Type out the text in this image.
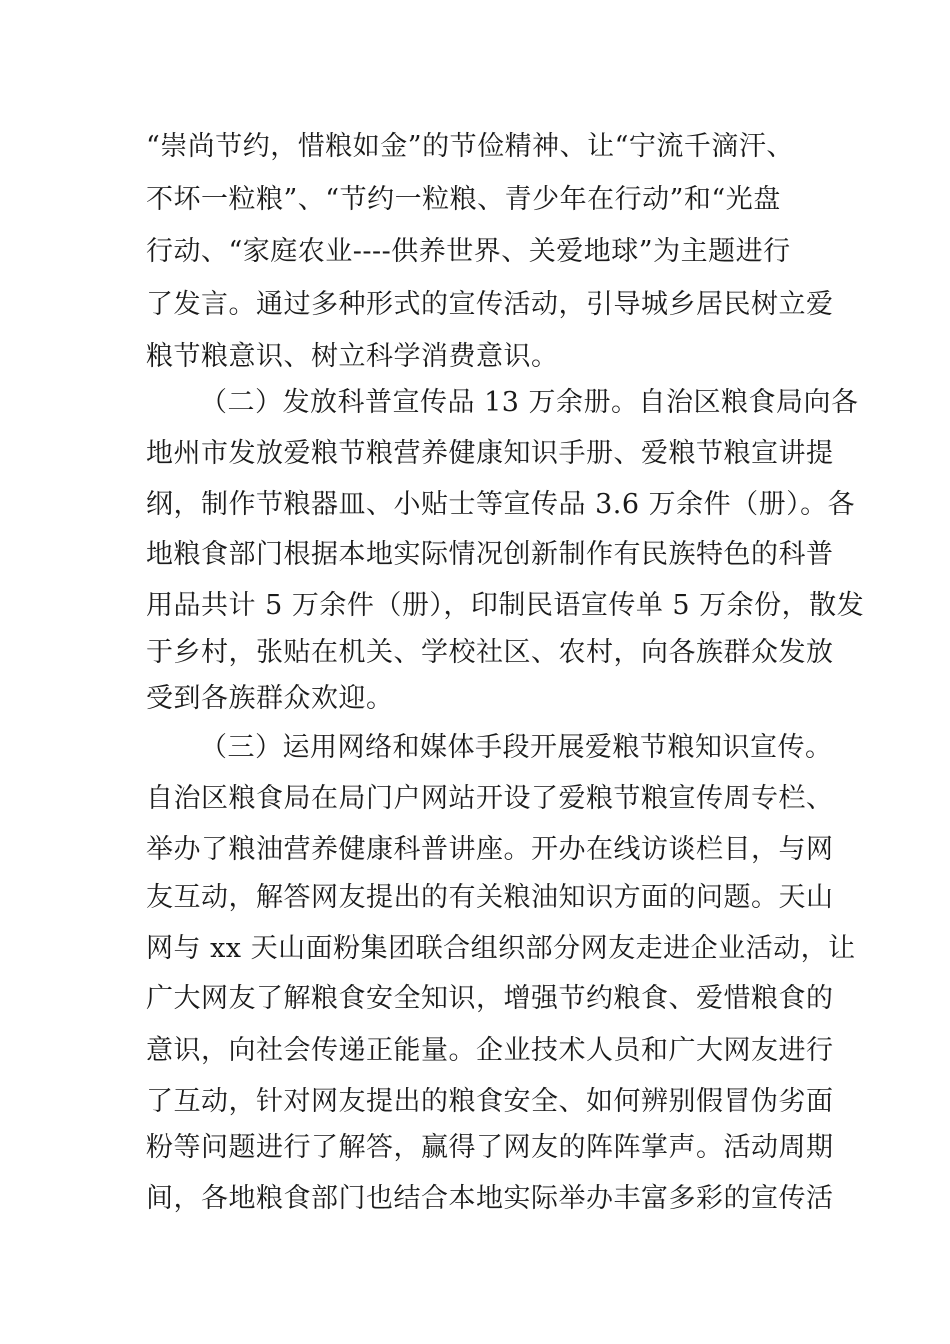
“崇尚节约，惜粮如金”的节俭精神、让“宁流千滴汗、
不坏一粒粮”、“节约一粒粮、青少年在行动”和“光盘
行动、“家庭农业----供养世界、关爱地球”为主题进行
了发言。通过多种形式的宣传活动，引导城乡居民树立爱
粮节粮意识、树立科学消费意识。
（二）发放科普宣传品 13 万余册。自治区粮食局向各
地州市发放爱粮节粮营养健康知识手册、爱粮节粮宣讲提
纲，制作节粮器皿、小贴士等宣传品 3.6 万余件（册）。各
地粮食部门根据本地实际情况创新制作有民族特色的科普
用品共计 5 万余件（册），印制民语宣传单 5 万余份，散发
于乡村，张贴在机关、学校社区、农村，向各族群众发放
受到各族群众欢迎。
（三）运用网络和媒体手段开展爱粮节粮知识宣传。
自治区粮食局在局门户网站开设了爱粮节粮宣传周专栏、
举办了粮油营养健康科普讲座。开办在线访谈栏目，与网
友互动，解答网友提出的有关粮油知识方面的问题。天山
网与 xx 天山面粉集团联合组织部分网友走进企业活动，让
广大网友了解粮食安全知识，增强节约粮食、爱惜粮食的
意识，向社会传递正能量。企业技术人员和广大网友进行
了互动，针对网友提出的粮食安全、如何辨别假冒伪劣面
粉等问题进行了解答，赢得了网友的阵阵掌声。活动周期
间，各地粮食部门也结合本地实际举办丰富多彩的宣传活
